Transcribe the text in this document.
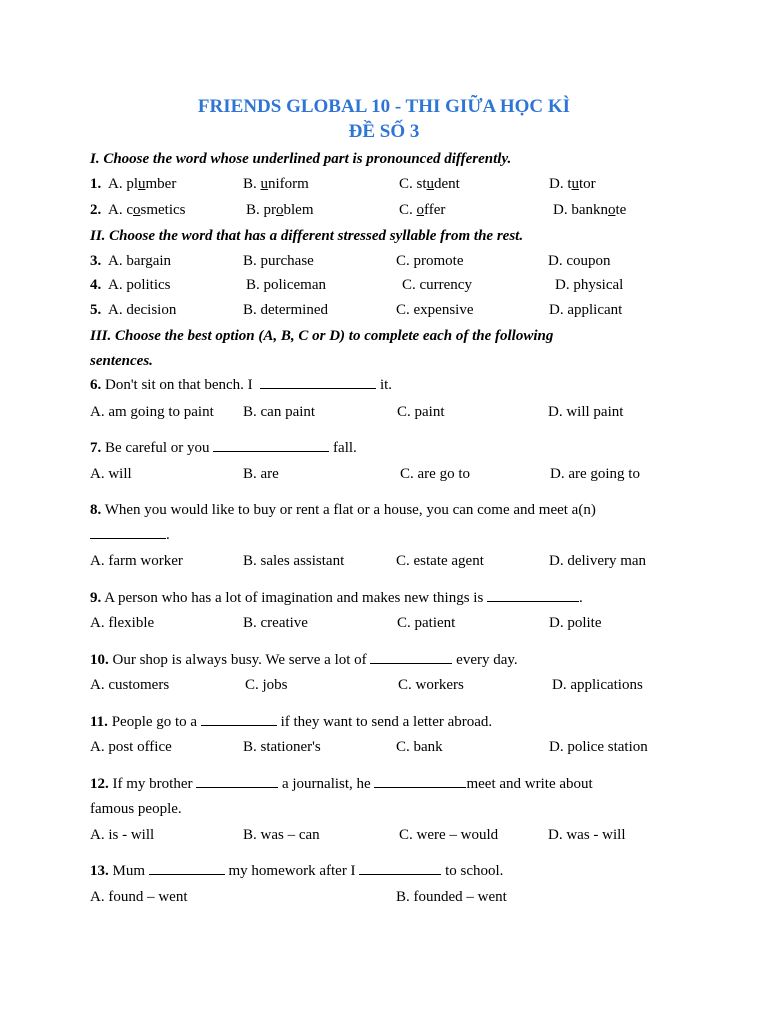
FRIENDS GLOBAL 10 - THI GIỮA HỌC KÌ
ĐỀ SỐ 3
I. Choose the word whose underlined part is pronounced differently.
1. A. plumber	B. uniform	C. student	D. tutor
2. A. cosmetics	B. problem	C. offer	D. banknote
II. Choose the word that has a different stressed syllable from the rest.
3. A. bargain	B. purchase	C. promote	D. coupon
4. A. politics	B. policeman	C. currency	D. physical
5. A. decision	B. determined	C. expensive	D. applicant
III. Choose the best option (A, B, C or D) to complete each of the following
sentences.
6. Don't sit on that bench. I	it.
A. am going to paint B. can paint	C. paint	D. will paint
7. Be careful or you	fall.
A. will	B. are	C. are go to	D. are going to
8. When you would like to buy or rent a flat or a house, you can come and meet a(n)
.
A. farm worker	B. sales assistant	C. estate agent	D. delivery man
9. A person who has a lot of imagination and makes new things is	.
A. flexible	B. creative	C. patient	D. polite
10. Our shop is always busy. We serve a lot of	every day.
A. customers	C. jobs	C. workers	D. applications
11. People go to a	if they want to send a letter abroad.
A. post office	B. stationer's	C. bank	D. police station
12. If my brother	a journalist, he	meet and write about
famous people.
A. is - will	B. was – can	C. were – would	D. was - will
13. Mum	my homework after I	to school.
A. found – went	B. founded – went
